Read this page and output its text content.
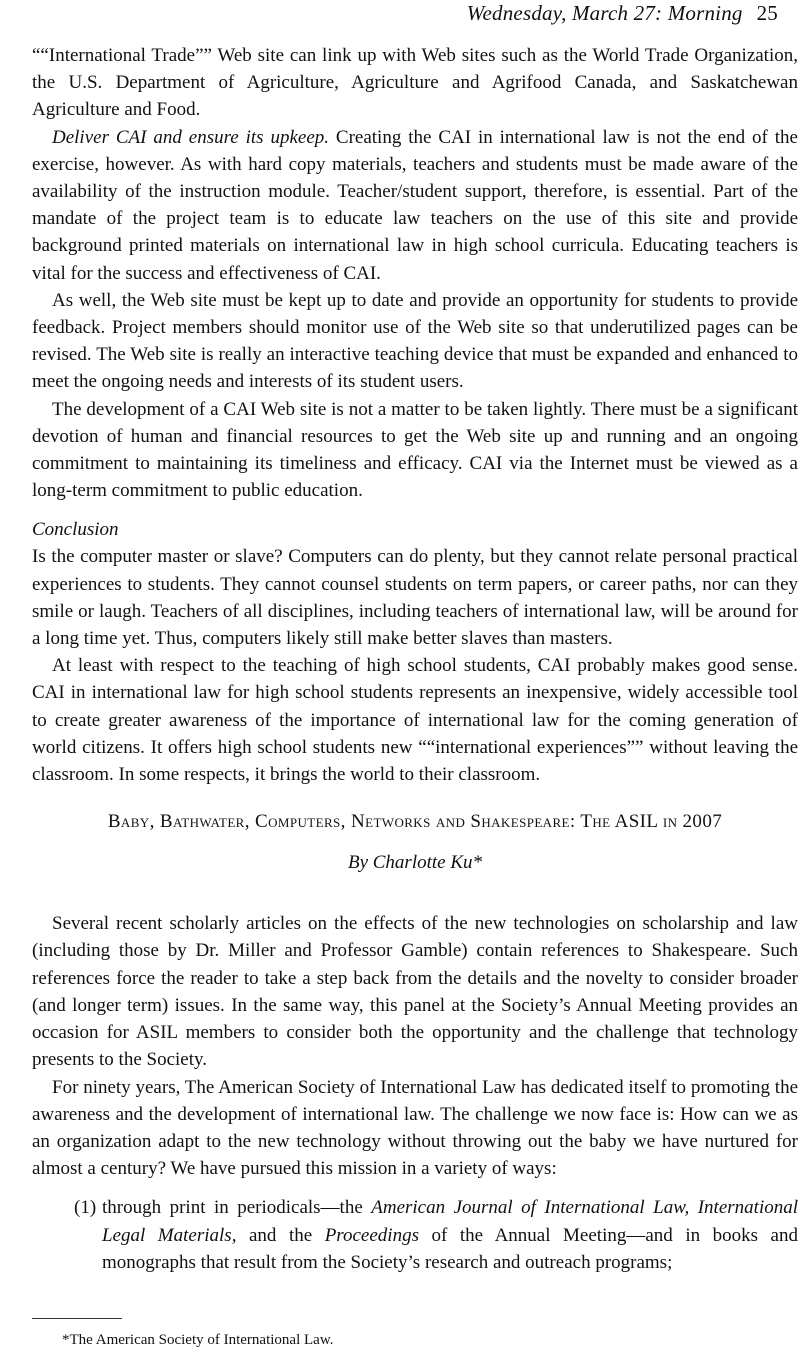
Wednesday, March 27: Morning 25

““International Trade”” Web site can link up with Web sites such as the World Trade Organization, the U.S. Department of Agriculture, Agriculture and Agrifood Canada, and Saskatchewan Agriculture and Food.

Deliver CAI and ensure its upkeep. Creating the CAI in international law is not the end of the exercise, however. As with hard copy materials, teachers and students must be made aware of the availability of the instruction module. Teacher/student support, therefore, is essential. Part of the mandate of the project team is to educate law teachers on the use of this site and provide background printed materials on international law in high school curricula. Educating teachers is vital for the success and effectiveness of CAI.

As well, the Web site must be kept up to date and provide an opportunity for students to provide feedback. Project members should monitor use of the Web site so that underutilized pages can be revised. The Web site is really an interactive teaching device that must be expanded and enhanced to meet the ongoing needs and interests of its student users.

The development of a CAI Web site is not a matter to be taken lightly. There must be a significant devotion of human and financial resources to get the Web site up and running and an ongoing commitment to maintaining its timeliness and efficacy. CAI via the Internet must be viewed as a long-term commitment to public education.

Conclusion

Is the computer master or slave? Computers can do plenty, but they cannot relate personal practical experiences to students. They cannot counsel students on term papers, or career paths, nor can they smile or laugh. Teachers of all disciplines, including teachers of international law, will be around for a long time yet. Thus, computers likely still make better slaves than masters.

At least with respect to the teaching of high school students, CAI probably makes good sense. CAI in international law for high school students represents an inexpensive, widely accessible tool to create greater awareness of the importance of international law for the coming generation of world citizens. It offers high school students new ““international experiences”” without leaving the classroom. In some respects, it brings the world to their classroom.

Baby, Bathwater, Computers, Networks and Shakespeare: The ASIL in 2007
By Charlotte Ku*

Several recent scholarly articles on the effects of the new technologies on scholarship and law (including those by Dr. Miller and Professor Gamble) contain references to Shakespeare. Such references force the reader to take a step back from the details and the novelty to consider broader (and longer term) issues. In the same way, this panel at the Society’s Annual Meeting provides an occasion for ASIL members to consider both the opportunity and the challenge that technology presents to the Society.

For ninety years, The American Society of International Law has dedicated itself to promoting the awareness and the development of international law. The challenge we now face is: How can we as an organization adapt to the new technology without throwing out the baby we have nurtured for almost a century? We have pursued this mission in a variety of ways:

(1) through print in periodicals—the American Journal of International Law, International Legal Materials, and the Proceedings of the Annual Meeting—and in books and monographs that result from the Society’s research and outreach programs;
*The American Society of International Law.
